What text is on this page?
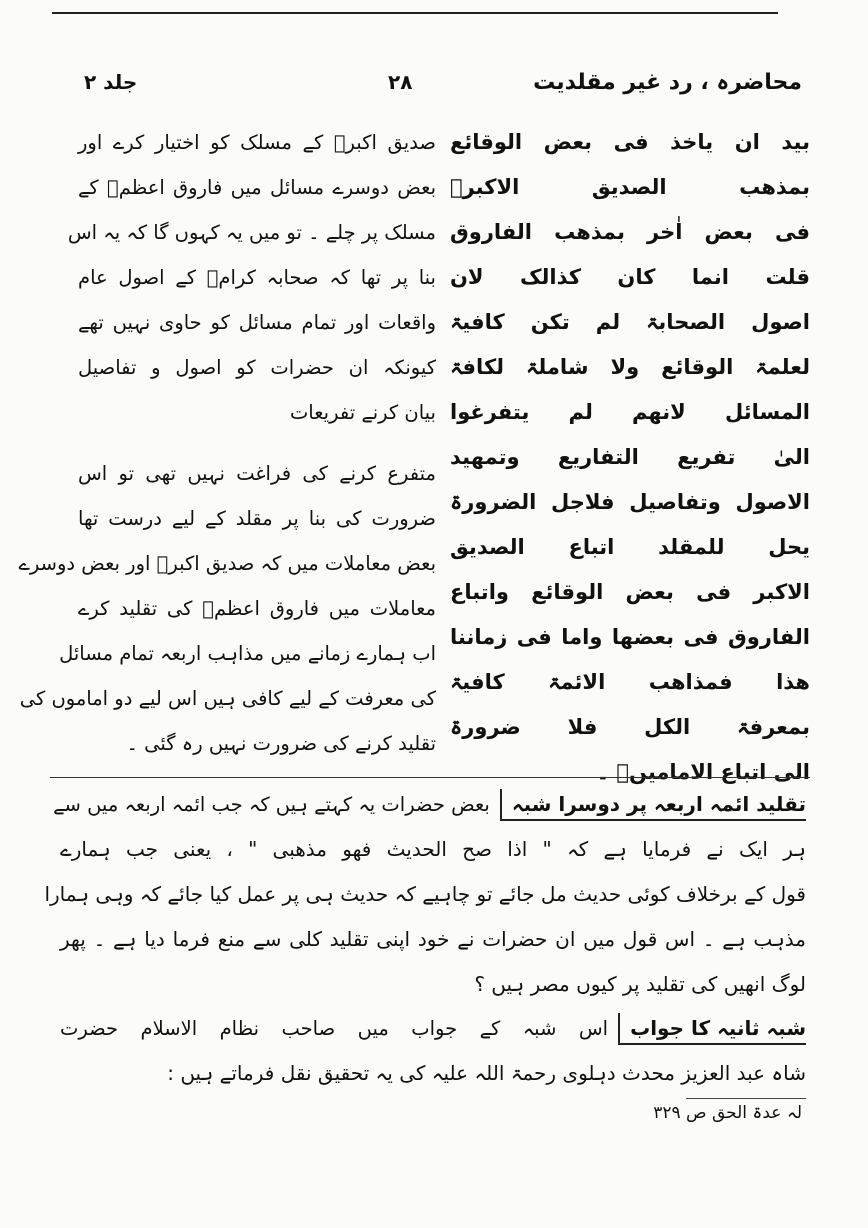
محاضرہ ، رد غیر مقلدیت
۲۸
جلد ۲
بید ان یاخذ فی بعض الوقائع
بمذھب الصدیق الاکبرؓ
فی بعض اٰخر بمذھب الفاروق
قلت انما کان کذالک لان
اصول الصحابۃ لم تکن کافیۃ
لعلمۃ الوقائع ولا شاملۃ لکافۃ
المسائل لانھم لم یتفرغوا
الیٰ تفریع التفاریع وتمھید
الاصول وتفاصیل فلاجل الضرورۃ
یحل للمقلد اتباع الصدیق
الاکبر فی بعض الوقائع واتباع
الفاروق فی بعضھا واما فی زماننا
ھذا فمذاھب الائمۃ کافیۃ
بمعرفۃ الکل فلا ضرورۃ
الی اتباع الاماميںؒ ۔
صدیق اکبرؓ کے مسلک کو اختیار کرے اور
بعض دوسرے مسائل میں فاروق اعظمؓ کے
مسلک پر چلے ۔ تو میں یہ کہوں گا کہ یہ اس
بنا پر تھا کہ صحابہ کرامؓ کے اصول عام
واقعات اور تمام مسائل کو حاوی نہیں تھے
کیونکہ ان حضرات کو اصول و تفاصیل
بیان کرنے تفریعات
متفرع کرنے کی فراغت نہیں تھی تو اس
ضرورت کی بنا پر مقلد کے لیے درست تھا
بعض معاملات میں کہ صدیق اکبرؓ اور بعض دوسرے
معاملات میں فاروق اعظمؓ کی تقلید کرے
اب ہمارے زمانے میں مذاہب اربعہ تمام مسائل
کی معرفت کے لیے کافی ہیں اس لیے دو اماموں کی
تقلید کرنے کی ضرورت نہیں رہ گئی ۔
تقلید ائمہ اربعہ پر دوسرا شبہ
بعض حضرات یہ کہتے ہیں کہ جب ائمہ اربعہ میں سے
ہر ایک نے فرمایا ہے کہ " اذا صح الحدیث فھو مذھبی " ، یعنی جب ہمارے
قول کے برخلاف کوئی حدیث مل جائے تو چاہیے کہ حدیث ہی پر عمل کیا جائے کہ وہی ہمارا
مذہب ہے ۔ اس قول میں ان حضرات نے خود اپنی تقلید کلی سے منع فرما دیا ہے ۔ پھر
لوگ انھیں کی تقلید پر کیوں مصر ہیں ؟
شبہ ثانیہ کا جواب
اس شبہ کے جواب میں صاحب نظام الاسلام حضرت
شاہ عبد العزیز محدث دہلوی رحمۃ اللہ علیہ کی یہ تحقیق نقل فرماتے ہیں :
لہ عدۃ الحق ص ۳۲۹
